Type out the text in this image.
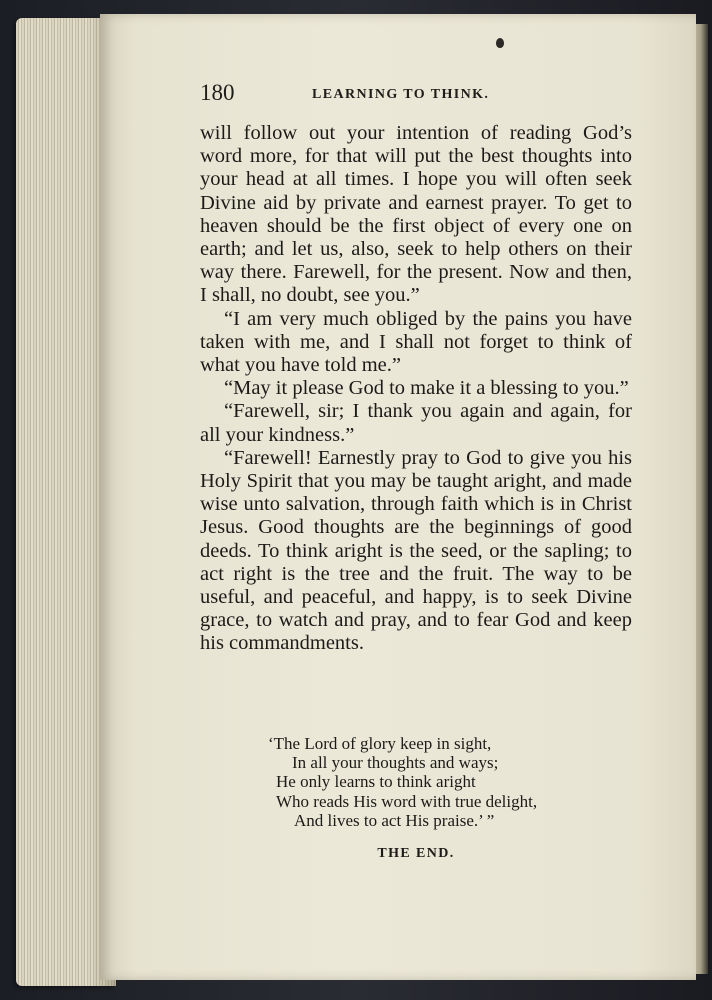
180	LEARNING TO THINK.

will follow out your intention of reading God’s word more, for that will put the best thoughts into your head at all times. I hope you will often seek Divine aid by private and earnest prayer. To get to heaven should be the first object of every one on earth; and let us, also, seek to help others on their way there. Farewell, for the present. Now and then, I shall, no doubt, see you.”

“I am very much obliged by the pains you have taken with me, and I shall not forget to think of what you have told me.”

“May it please God to make it a blessing to you.”

“Farewell, sir; I thank you again and again, for all your kindness.”

“Farewell! Earnestly pray to God to give you his Holy Spirit that you may be taught aright, and made wise unto salvation, through faith which is in Christ Jesus. Good thoughts are the beginnings of good deeds. To think aright is the seed, or the sapling; to act right is the tree and the fruit. The way to be useful, and peaceful, and happy, is to seek Divine grace, to watch and pray, and to fear God and keep his commandments.

‘The Lord of glory keep in sight,
In all your thoughts and ways;
He only learns to think aright
Who reads His word with true delight,
And lives to act His praise.’ ”
THE END.
